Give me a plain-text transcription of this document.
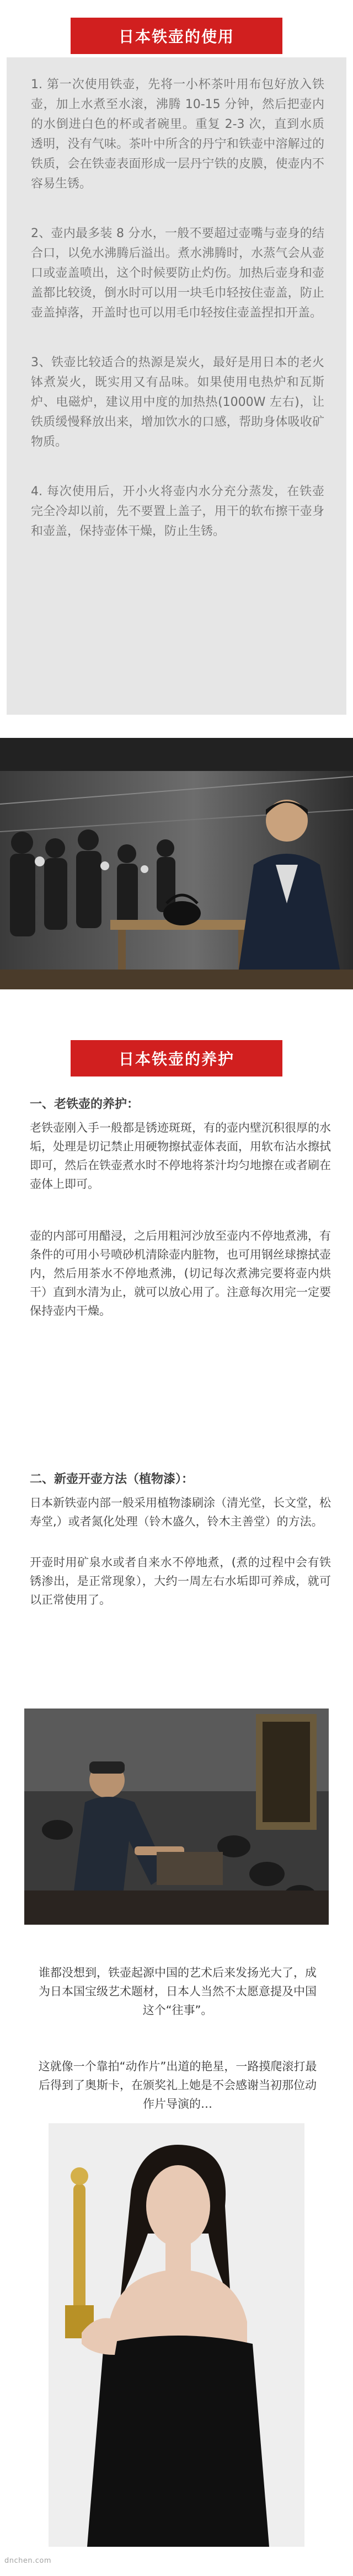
日本铁壶的使用

1. 第一次使用铁壶，先将一小杯茶叶用布包好放入铁壶，加上水煮至水滚，沸腾 10-15 分钟，然后把壶内的水倒进白色的杯或者碗里。重复 2-3 次，直到水质透明，没有气味。茶叶中所含的丹宁和铁壶中溶解过的铁质，会在铁壶表面形成一层丹宁铁的皮膜，使壶内不容易生锈。

2、壶内最多装 8 分水，一般不要超过壶嘴与壶身的结合口，以免水沸腾后溢出。煮水沸腾时，水蒸气会从壶口或壶盖喷出，这个时候要防止灼伤。加热后壶身和壶盖都比较烫，倒水时可以用一块毛巾轻按住壶盖，防止壶盖掉落，开盖时也可以用毛巾轻按住壶盖捏扣开盖。

3、铁壶比较适合的热源是炭火，最好是用日本的老火钵煮炭火，既实用又有品味。如果使用电热炉和瓦斯炉、电磁炉，建议用中度的加热热(1000W 左右)，让铁质缓慢释放出来，增加饮水的口感，帮助身体吸收矿物质。

4. 每次使用后，开小火将壶内水分充分蒸发，在铁壶完全冷却以前，先不要置上盖子，用干的软布擦干壶身和壶盖，保持壶体干燥，防止生锈。

日本铁壶的养护

一、老铁壶的养护：

老铁壶刚入手一般都是锈迹斑斑，有的壶内壁沉积很厚的水垢，处理是切记禁止用硬物擦拭壶体表面，用软布沾水擦拭即可，然后在铁壶煮水时不停地将茶汁均匀地擦在或者刷在壶体上即可。

壶的内部可用醋浸，之后用粗河沙放至壶内不停地煮沸，有条件的可用小号喷砂机清除壶内脏物，也可用钢丝球擦拭壶内，然后用茶水不停地煮沸，(切记每次煮沸完要将壶内烘干）直到水清为止，就可以放心用了。注意每次用完一定要保持壶内干燥。

二、新壶开壶方法（植物漆）：

日本新铁壶内部一般采用植物漆刷涂（清光堂，长文堂，松寿堂,）或者氮化处理（铃木盛久，铃木主善堂）的方法。

开壶时用矿泉水或者自来水不停地煮，(煮的过程中会有铁锈渗出，是正常现象），大约一周左右水垢即可养成，就可以正常使用了。

谁都没想到，铁壶起源中国的艺术后来发扬光大了，成为日本国宝级艺术题材，日本人当然不太愿意提及中国这个“往事”。

这就像一个靠拍“动作片”出道的艳星，一路摸爬滚打最后得到了奥斯卡，在颁奖礼上她是不会感谢当初那位动作片导演的…

dnchen.com
